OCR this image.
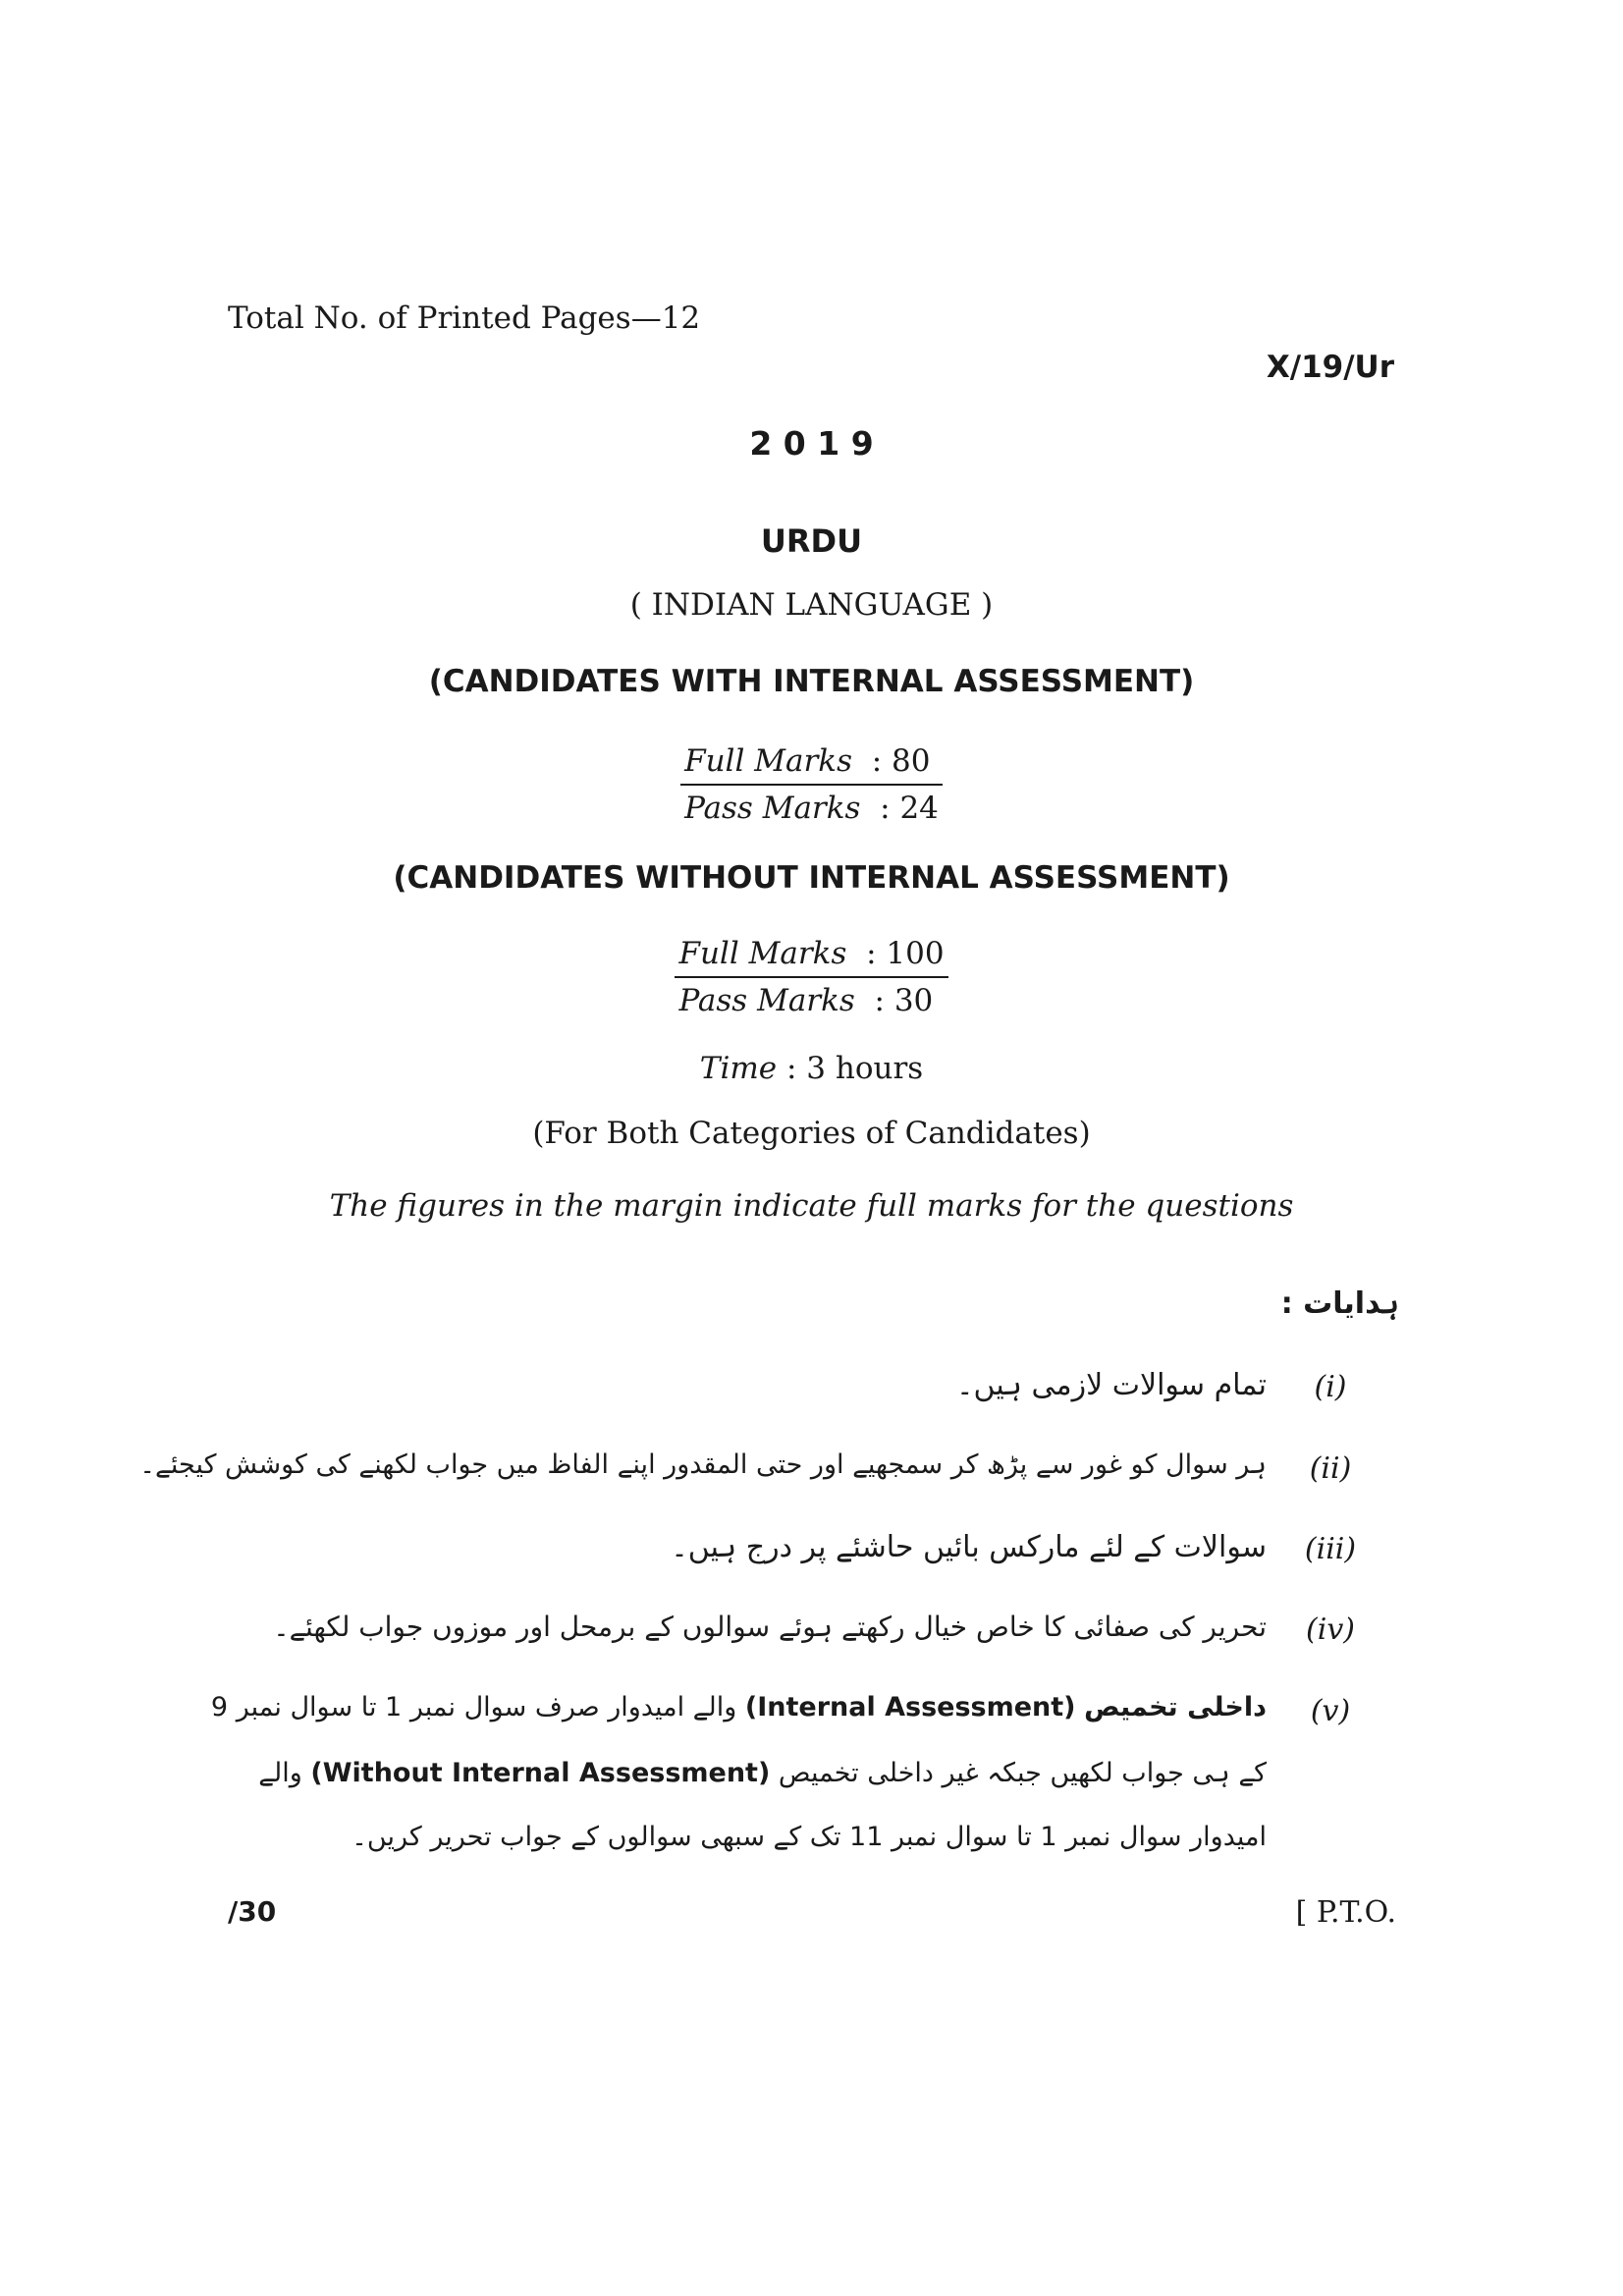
Total No. of Printed Pages—12
X/19/Ur
2 0 1 9
URDU
( INDIAN LANGUAGE )
(CANDIDATES WITH INTERNAL ASSESSMENT)
Full Marks : 80
Pass Marks : 24
(CANDIDATES WITHOUT INTERNAL ASSESSMENT)
Full Marks : 100
Pass Marks : 30
Time : 3 hours
(For Both Categories of Candidates)
The figures in the margin indicate full marks for the questions
ہدایات :
(i)
تمام سوالات لازمی ہیں۔
(ii)
ہر سوال کو غور سے پڑھ کر سمجھیے اور حتی المقدور اپنے الفاظ میں جواب لکھنے کی کوشش کیجئے۔
(iii)
سوالات کے لئے مارکس بائیں حاشئے پر درج ہیں۔
(iv)
تحریر کی صفائی کا خاص خیال رکھتے ہوئے سوالوں کے برمحل اور موزوں جواب لکھئے۔
(v)
داخلی تخمیص (Internal Assessment) والے امیدوار صرف سوال نمبر 1 تا سوال نمبر 9
کے ہی جواب لکھیں جبکہ غیر داخلی تخمیص (Without Internal Assessment) والے
امیدوار سوال نمبر 1 تا سوال نمبر 11 تک کے سبھی سوالوں کے جواب تحریر کریں۔
/30	[ P.T.O.
